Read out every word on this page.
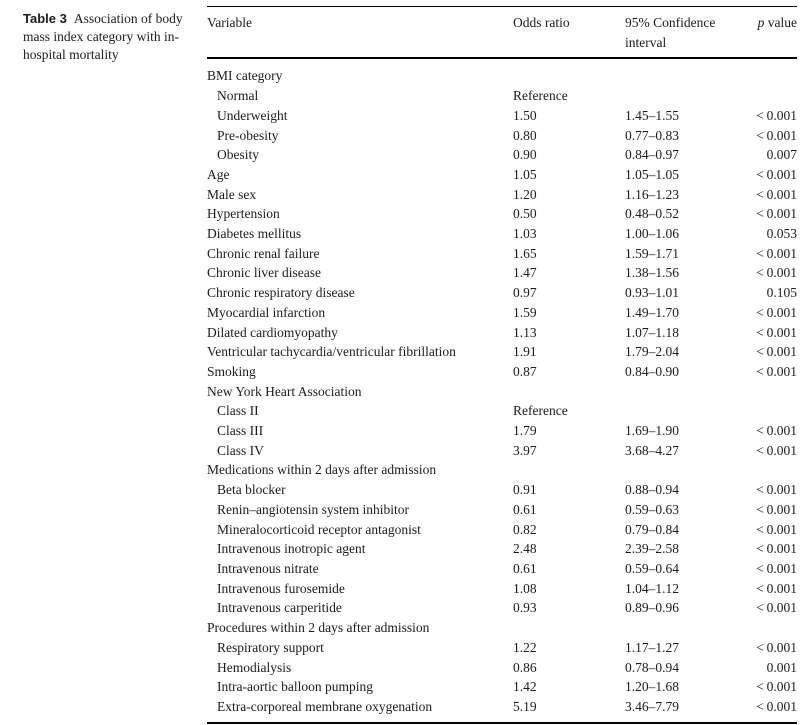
Table 3 Association of body mass index category with in-hospital mortality
Variable	Odds ratio	95% Confidence interval	p value
BMI category			
Normal	Reference		
Underweight	1.50	1.45–1.55	< 0.001
Pre-obesity	0.80	0.77–0.83	< 0.001
Obesity	0.90	0.84–0.97	0.007
Age	1.05	1.05–1.05	< 0.001
Male sex	1.20	1.16–1.23	< 0.001
Hypertension	0.50	0.48–0.52	< 0.001
Diabetes mellitus	1.03	1.00–1.06	0.053
Chronic renal failure	1.65	1.59–1.71	< 0.001
Chronic liver disease	1.47	1.38–1.56	< 0.001
Chronic respiratory disease	0.97	0.93–1.01	0.105
Myocardial infarction	1.59	1.49–1.70	< 0.001
Dilated cardiomyopathy	1.13	1.07–1.18	< 0.001
Ventricular tachycardia/ventricular fibrillation	1.91	1.79–2.04	< 0.001
Smoking	0.87	0.84–0.90	< 0.001
New York Heart Association			
Class II	Reference		
Class III	1.79	1.69–1.90	< 0.001
Class IV	3.97	3.68–4.27	< 0.001
Medications within 2 days after admission			
Beta blocker	0.91	0.88–0.94	< 0.001
Renin–angiotensin system inhibitor	0.61	0.59–0.63	< 0.001
Mineralocorticoid receptor antagonist	0.82	0.79–0.84	< 0.001
Intravenous inotropic agent	2.48	2.39–2.58	< 0.001
Intravenous nitrate	0.61	0.59–0.64	< 0.001
Intravenous furosemide	1.08	1.04–1.12	< 0.001
Intravenous carperitide	0.93	0.89–0.96	< 0.001
Procedures within 2 days after admission			
Respiratory support	1.22	1.17–1.27	< 0.001
Hemodialysis	0.86	0.78–0.94	0.001
Intra-aortic balloon pumping	1.42	1.20–1.68	< 0.001
Extra-corporeal membrane oxygenation	5.19	3.46–7.79	< 0.001
